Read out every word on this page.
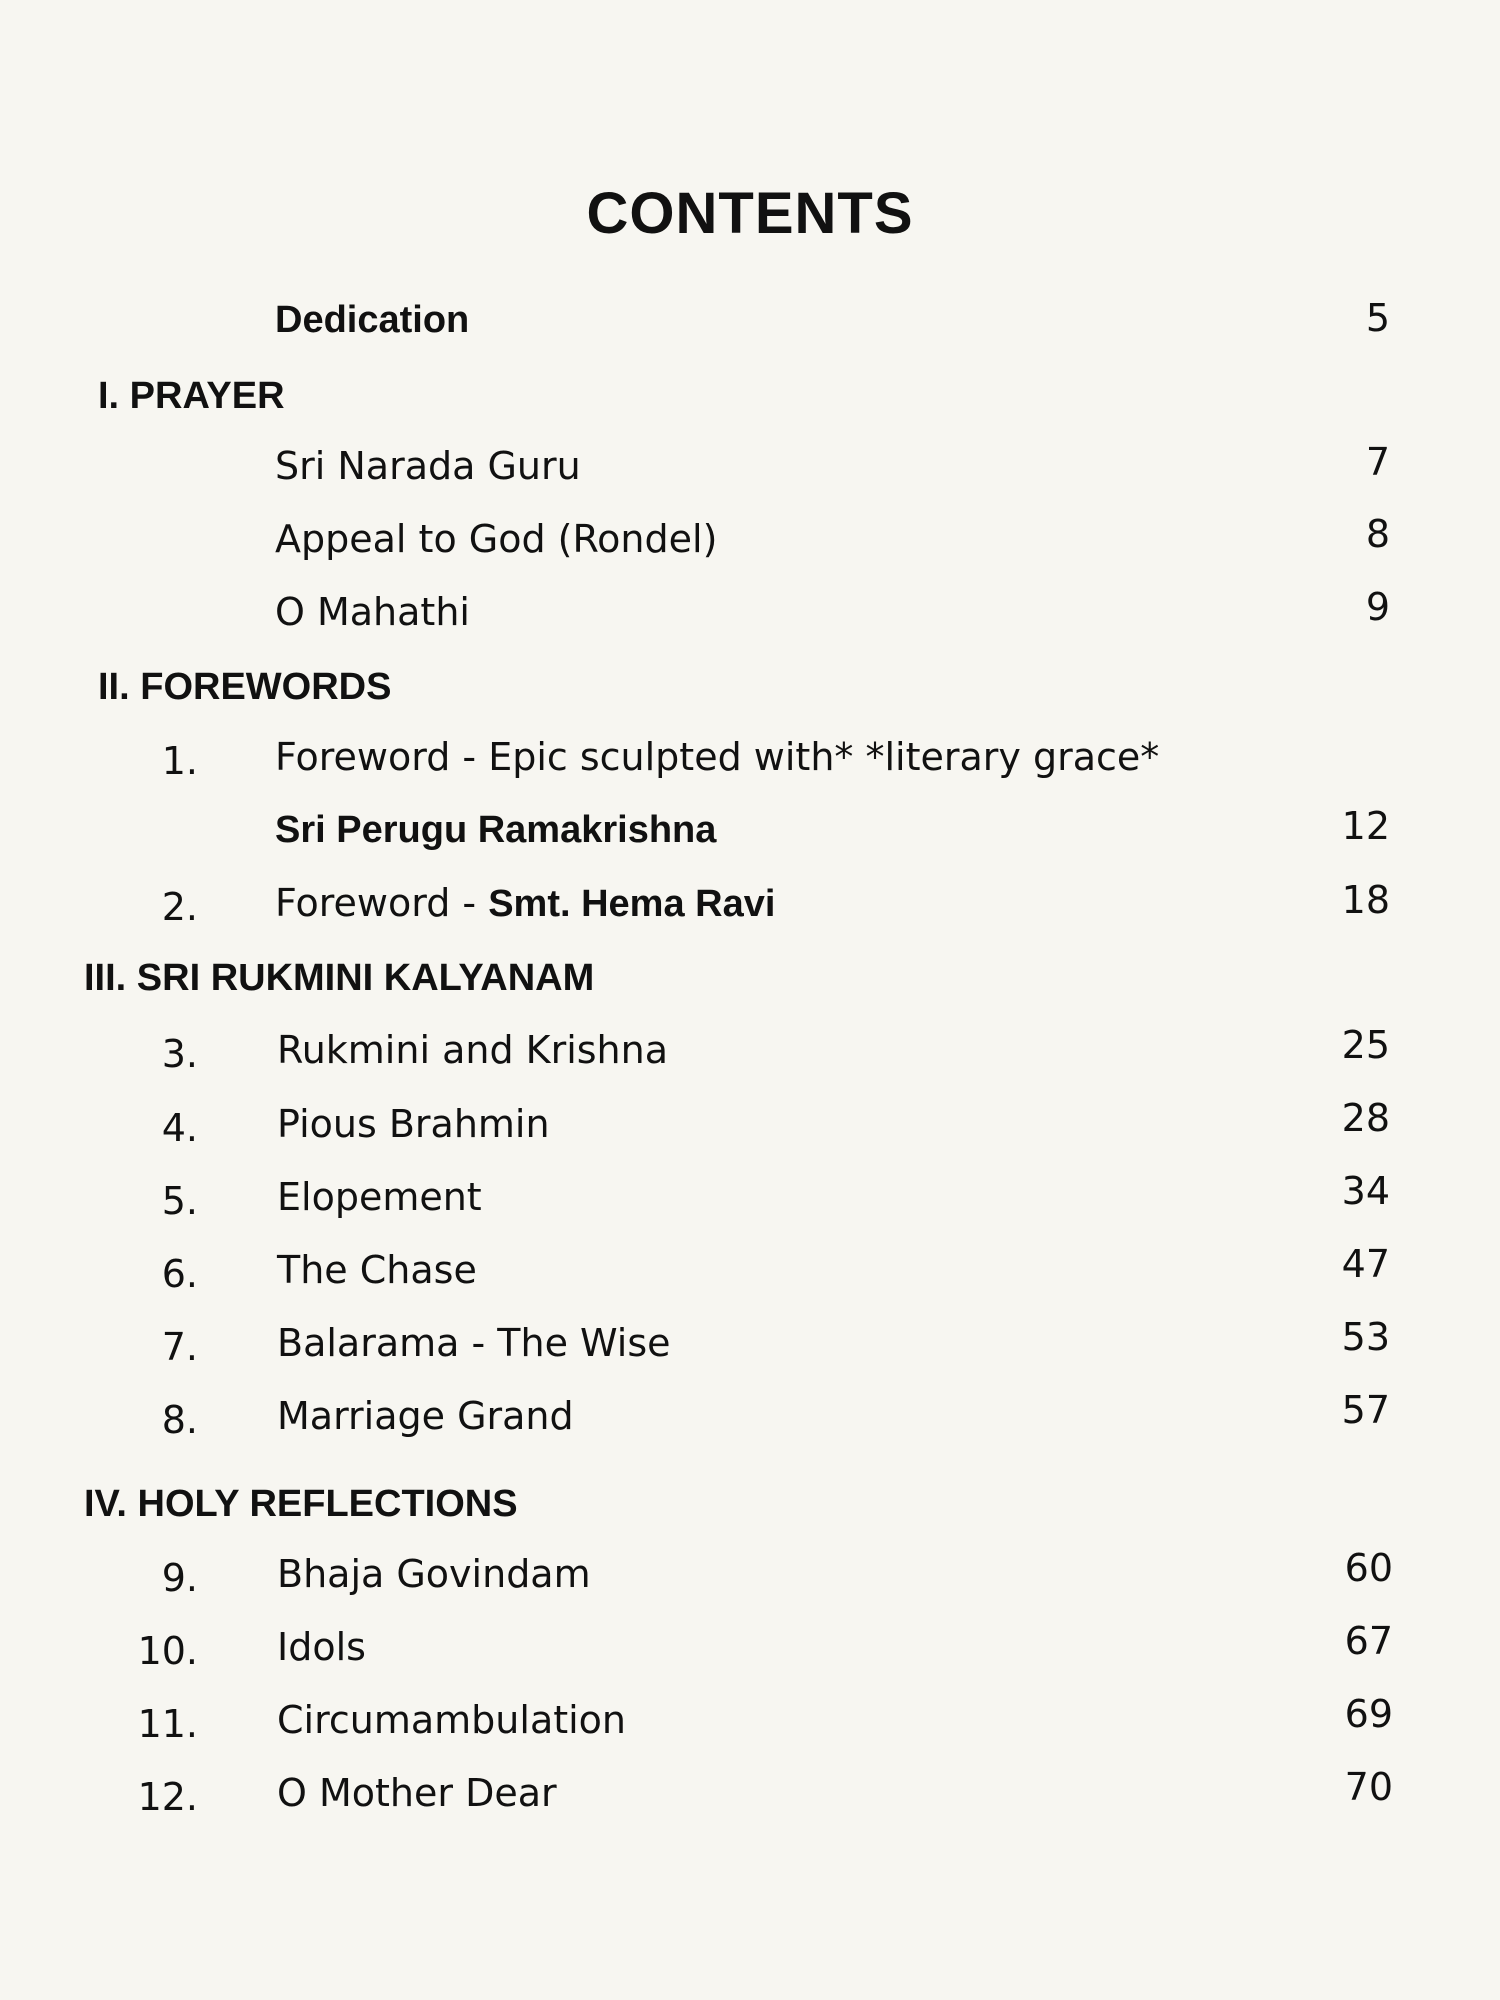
CONTENTS
Dedication	5
I. PRAYER
Sri Narada Guru	7
Appeal to God (Rondel)	8
O Mahathi	9
II. FOREWORDS
1. Foreword - Epic sculpted with* *literary grace*
Sri Perugu Ramakrishna	12
2. Foreword - Smt. Hema Ravi	18
III. SRI RUKMINI KALYANAM
3. Rukmini and Krishna	25
4. Pious Brahmin	28
5. Elopement	34
6. The Chase	47
7. Balarama - The Wise	53
8. Marriage Grand	57
IV. HOLY REFLECTIONS
9. Bhaja Govindam	60
10. Idols	67
11. Circumambulation	69
12. O Mother Dear	70
